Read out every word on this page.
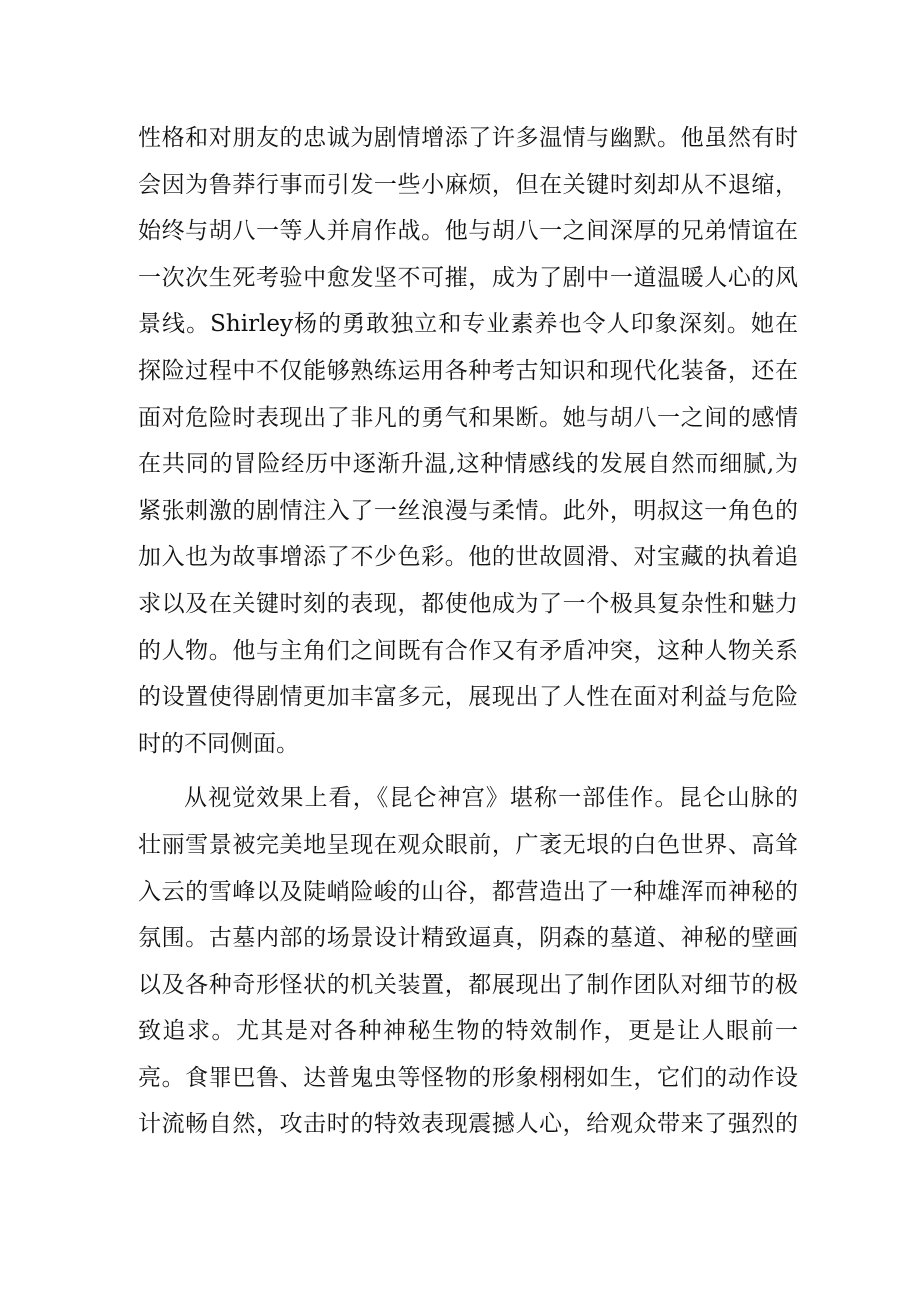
性格和对朋友的忠诚为剧情增添了许多温情与幽默。他虽然有时
会因为鲁莽行事而引发一些小麻烦，但在关键时刻却从不退缩，
始终与胡八一等人并肩作战。他与胡八一之间深厚的兄弟情谊在
一次次生死考验中愈发坚不可摧，成为了剧中一道温暖人心的风
景线。Shirley杨的勇敢独立和专业素养也令人印象深刻。她在
探险过程中不仅能够熟练运用各种考古知识和现代化装备，还在
面对危险时表现出了非凡的勇气和果断。她与胡八一之间的感情
在共同的冒险经历中逐渐升温,这种情感线的发展自然而细腻,为
紧张刺激的剧情注入了一丝浪漫与柔情。此外，明叔这一角色的
加入也为故事增添了不少色彩。他的世故圆滑、对宝藏的执着追
求以及在关键时刻的表现，都使他成为了一个极具复杂性和魅力
的人物。他与主角们之间既有合作又有矛盾冲突，这种人物关系
的设置使得剧情更加丰富多元，展现出了人性在面对利益与危险
时的不同侧面。
从视觉效果上看，《昆仑神宫》堪称一部佳作。昆仑山脉的
壮丽雪景被完美地呈现在观众眼前，广袤无垠的白色世界、高耸
入云的雪峰以及陡峭险峻的山谷，都营造出了一种雄浑而神秘的
氛围。古墓内部的场景设计精致逼真，阴森的墓道、神秘的壁画
以及各种奇形怪状的机关装置，都展现出了制作团队对细节的极
致追求。尤其是对各种神秘生物的特效制作，更是让人眼前一
亮。食罪巴鲁、达普鬼虫等怪物的形象栩栩如生，它们的动作设
计流畅自然，攻击时的特效表现震撼人心，给观众带来了强烈的
